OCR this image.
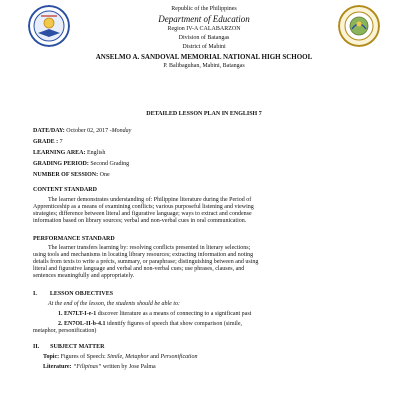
Republic of the Philippines
Department of Education
Region IV-A CALABARZON
Division of Batangas
District of Mabini
ANSELMO A. SANDOVAL MEMORIAL NATIONAL HIGH SCHOOL
P. Balibaguhan, Mabini, Batangas
DETAILED LESSON PLAN IN ENGLISH 7
DATE/DAY: October 02, 2017 -Monday
GRADE : 7
LEARNING AREA: English
GRADING PERIOD: Second Grading
NUMBER OF SESSION: One
CONTENT STANDARD
The learner demonstrates understanding of: Philippine literature during the Period of
Apprenticeship as a means of examining conflicts; various purposeful listening and viewing
strategies; difference between literal and figurative language; ways to extract and condense
information based on library sources; verbal and non-verbal cues in oral communication.
PERFORMANCE STANDARD
The learner transfers learning by: resolving conflicts presented in literary selections;
using tools and mechanisms in locating library resources; extracting information and noting
details from texts to write a précis, summary, or paraphrase; distinguishing between and using
literal and figurative language and verbal and non-verbal cues; use phrases, clauses, and
sentences meaningfully and appropriately.
I. LESSON OBJECTIVES
At the end of the lesson, the students should be able to:
1. EN7LT-I-e-1 discover literature as a means of connecting to a significant past
2. EN7OL-II-b-4.1 identify figures of speech that show comparison (simile,
metaphor, personification)
II. SUBJECT MATTER
Topic: Figures of Speech: Simile, Metaphor and Personification
Literature: “Filipinas” written by Jose Palma
